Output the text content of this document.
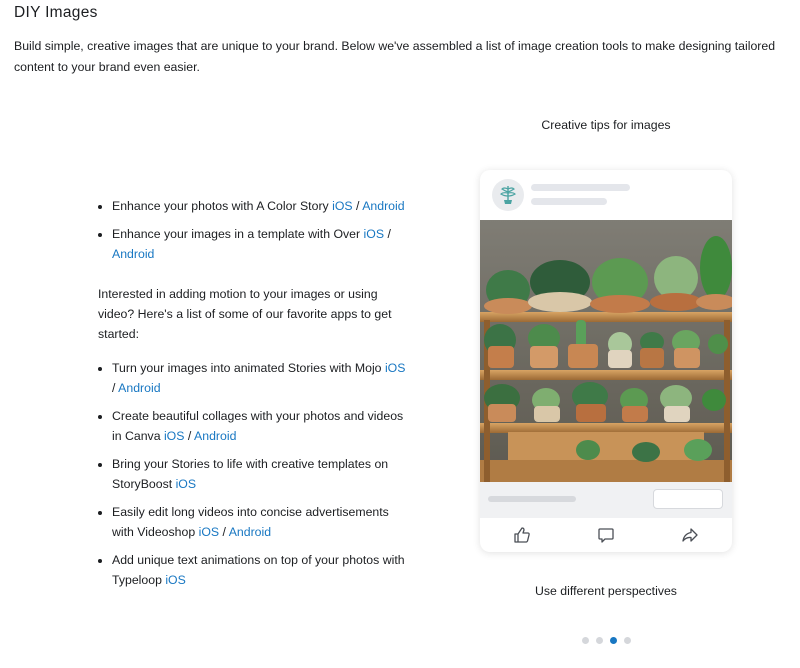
DIY Images
Build simple, creative images that are unique to your brand. Below we've assembled a list of image creation tools to make designing tailored content to your brand even easier.
• Enhance your photos with A Color Story iOS / Android
• Enhance your images in a template with Over iOS /
Android
Interested in adding motion to your images or using video? Here's a list of some of our favorite apps to get started:
• Turn your images into animated Stories with Mojo iOS
/ Android
• Create beautiful collages with your photos and videos in Canva iOS / Android
• Bring your Stories to life with creative templates on StoryBoost iOS
• Easily edit long videos into concise advertisements with Videoshop iOS / Android
• Add unique text animations on top of your photos with Typeloop iOS
Creative tips for images
Use different perspectives
